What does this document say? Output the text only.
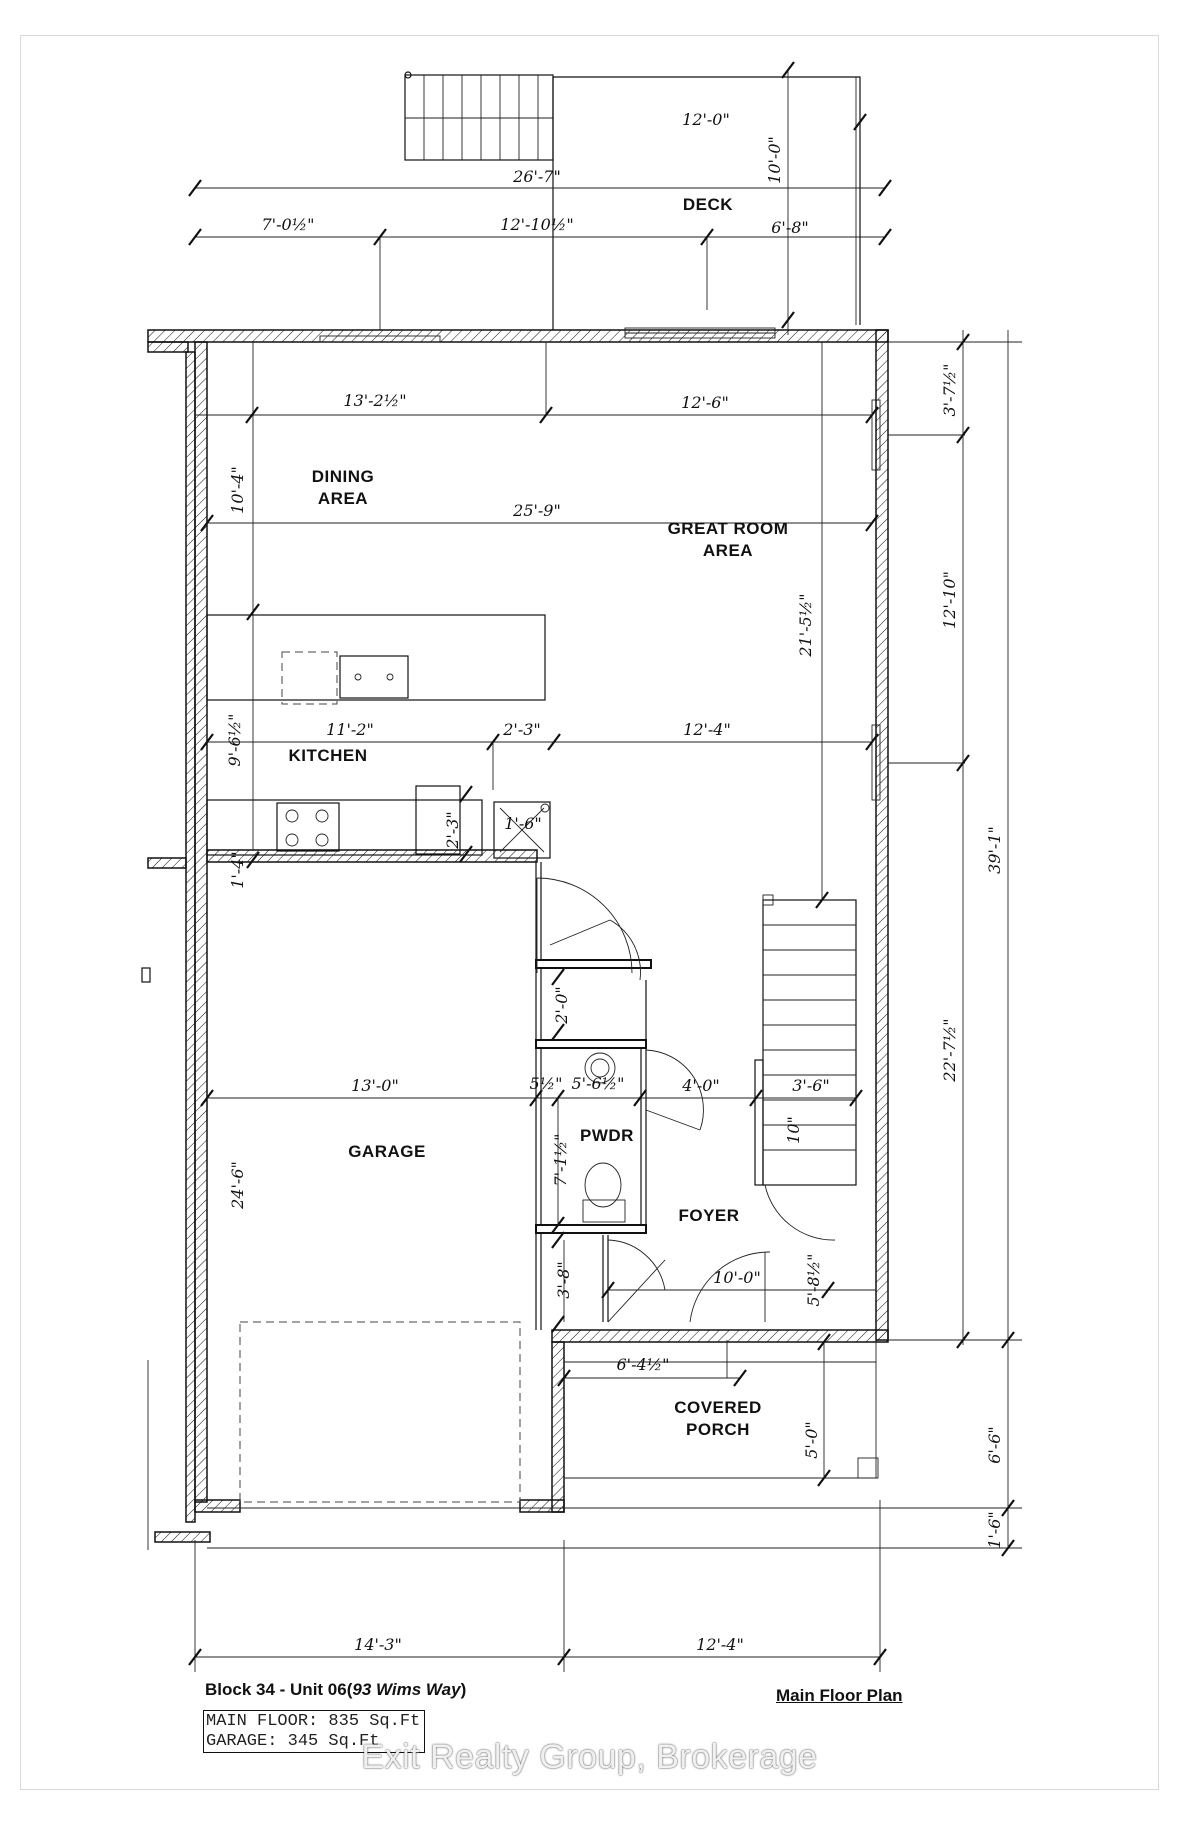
DECK
DINING
AREA
GREAT ROOM
AREA
KITCHEN
GARAGE
PWDR
FOYER
COVERED
PORCH
12'-0"
10'-0"
26'-7"
7'-0½"	12'-10½"	6'-8"
13'-2½"	12'-6"
10'-4"	25'-9"
21'-5½"
11'-2"	2'-3"	12'-4"
9'-6½"
2'-3"	1'-6"
1'-4"
3'-7½"
12'-10"
39'-1"
22'-7½"
13'-0"
24'-6"
2'-0"
5½" 5'-6½"	4'-0"	3'-6"
10"
7'-1½"
3'-8"	5'-8½"
10'-0"
6'-4½"
5'-0"	6'-6"
1'-6"
14'-3"	12'-4"
Block 34 - Unit 06(93 Wims Way)	Main Floor Plan
MAIN FLOOR: 835 Sq.Ft
GARAGE: 345 Sq.Ft
Exit Realty Group, Brokerage
